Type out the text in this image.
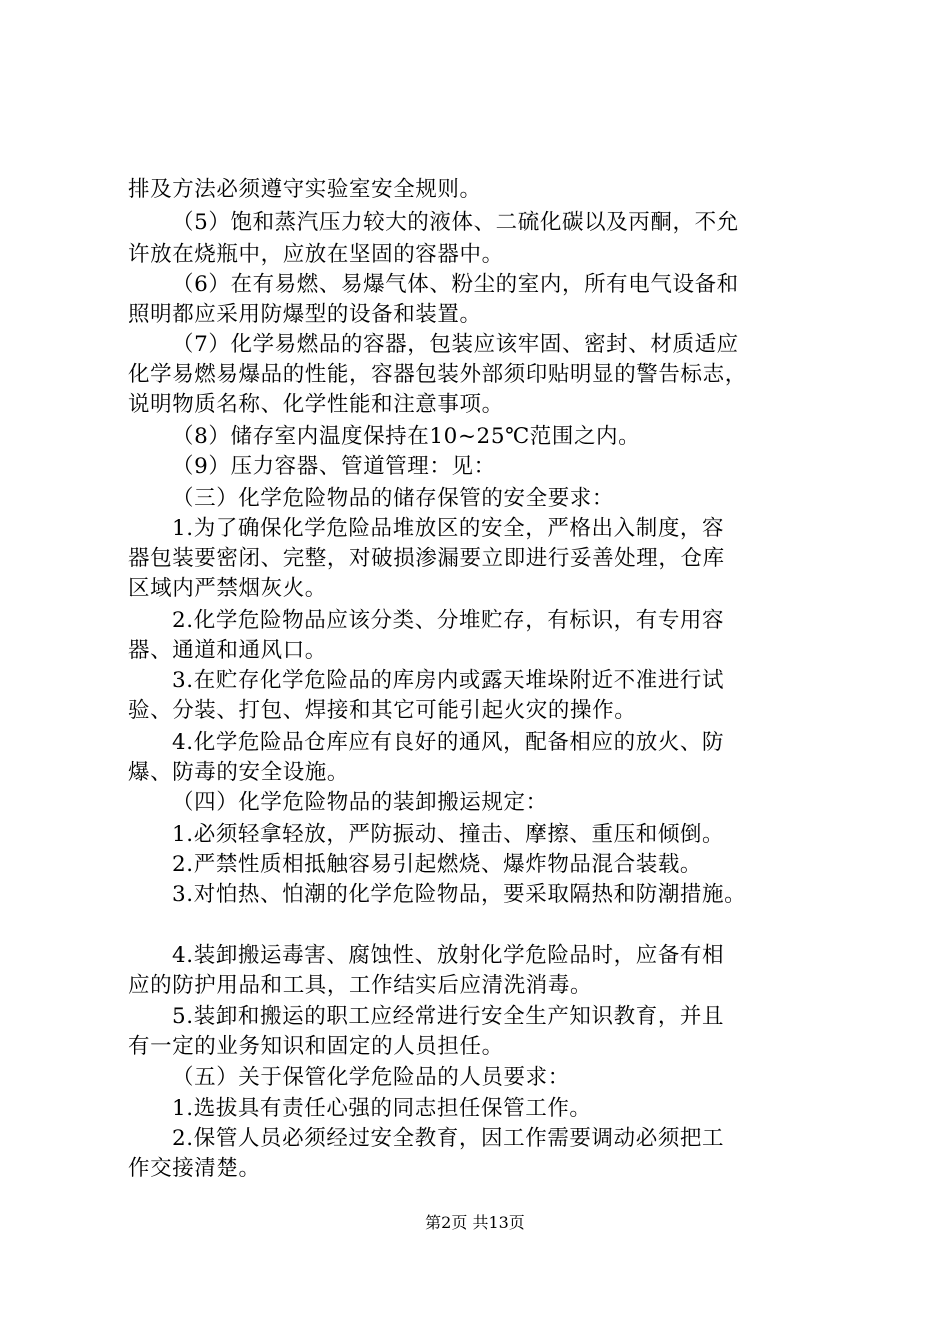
排及方法必须遵守实验室安全规则。
（5）饱和蒸汽压力较大的液体、二硫化碳以及丙酮，不允
许放在烧瓶中，应放在坚固的容器中。
（6）在有易燃、易爆气体、粉尘的室内，所有电气设备和
照明都应采用防爆型的设备和装置。
（7）化学易燃品的容器，包装应该牢固、密封、材质适应
化学易燃易爆品的性能，容器包装外部须印贴明显的警告标志，
说明物质名称、化学性能和注意事项。
（8）储存室内温度保持在10~25℃范围之内。
（9）压力容器、管道管理：见：
（三）化学危险物品的储存保管的安全要求：
1.为了确保化学危险品堆放区的安全，严格出入制度，容
器包装要密闭、完整，对破损渗漏要立即进行妥善处理，仓库
区域内严禁烟灰火。
2.化学危险物品应该分类、分堆贮存，有标识，有专用容
器、通道和通风口。
3.在贮存化学危险品的库房内或露天堆垛附近不准进行试
验、分装、打包、焊接和其它可能引起火灾的操作。
4.化学危险品仓库应有良好的通风，配备相应的放火、防
爆、防毒的安全设施。
（四）化学危险物品的装卸搬运规定：
1.必须轻拿轻放，严防振动、撞击、摩擦、重压和倾倒。
2.严禁性质相抵触容易引起燃烧、爆炸物品混合装载。
3.对怕热、怕潮的化学危险物品，要采取隔热和防潮措施。
4.装卸搬运毒害、腐蚀性、放射化学危险品时，应备有相
应的防护用品和工具，工作结实后应清洗消毒。
5.装卸和搬运的职工应经常进行安全生产知识教育，并且
有一定的业务知识和固定的人员担任。
（五）关于保管化学危险品的人员要求：
1.选拔具有责任心强的同志担任保管工作。
2.保管人员必须经过安全教育，因工作需要调动必须把工
作交接清楚。
第2页 共13页
